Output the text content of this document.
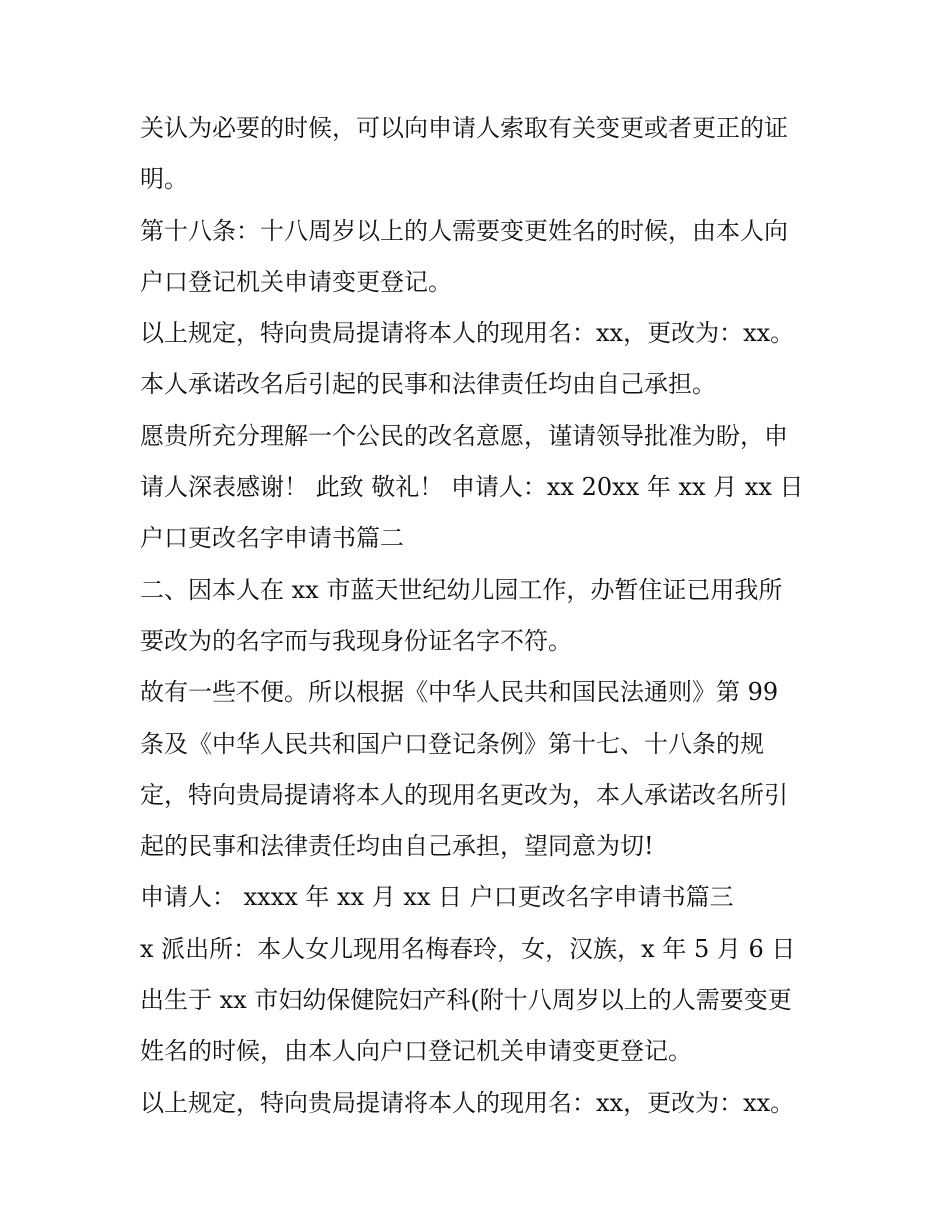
关认为必要的时候，可以向申请人索取有关变更或者更正的证
明。
第十八条：十八周岁以上的人需要变更姓名的时候，由本人向
户口登记机关申请变更登记。
以上规定，特向贵局提请将本人的现用名：xx，更改为：xx。
本人承诺改名后引起的民事和法律责任均由自己承担。
愿贵所充分理解一个公民的改名意愿，谨请领导批准为盼，申
请人深表感谢！ 此致 敬礼！ 申请人：xx 20xx 年 xx 月 xx 日
户口更改名字申请书篇二
二、因本人在 xx 市蓝天世纪幼儿园工作，办暂住证已用我所
要改为的名字而与我现身份证名字不符。
故有一些不便。所以根据《中华人民共和国民法通则》第 99
条及《中华人民共和国户口登记条例》第十七、十八条的规
定，特向贵局提请将本人的现用名更改为，本人承诺改名所引
起的民事和法律责任均由自己承担，望同意为切!
申请人： xxxx 年 xx 月 xx 日 户口更改名字申请书篇三
x 派出所：本人女儿现用名梅春玲，女，汉族，x 年 5 月 6 日
出生于 xx 市妇幼保健院妇产科(附十八周岁以上的人需要变更
姓名的时候，由本人向户口登记机关申请变更登记。
以上规定，特向贵局提请将本人的现用名：xx，更改为：xx。
